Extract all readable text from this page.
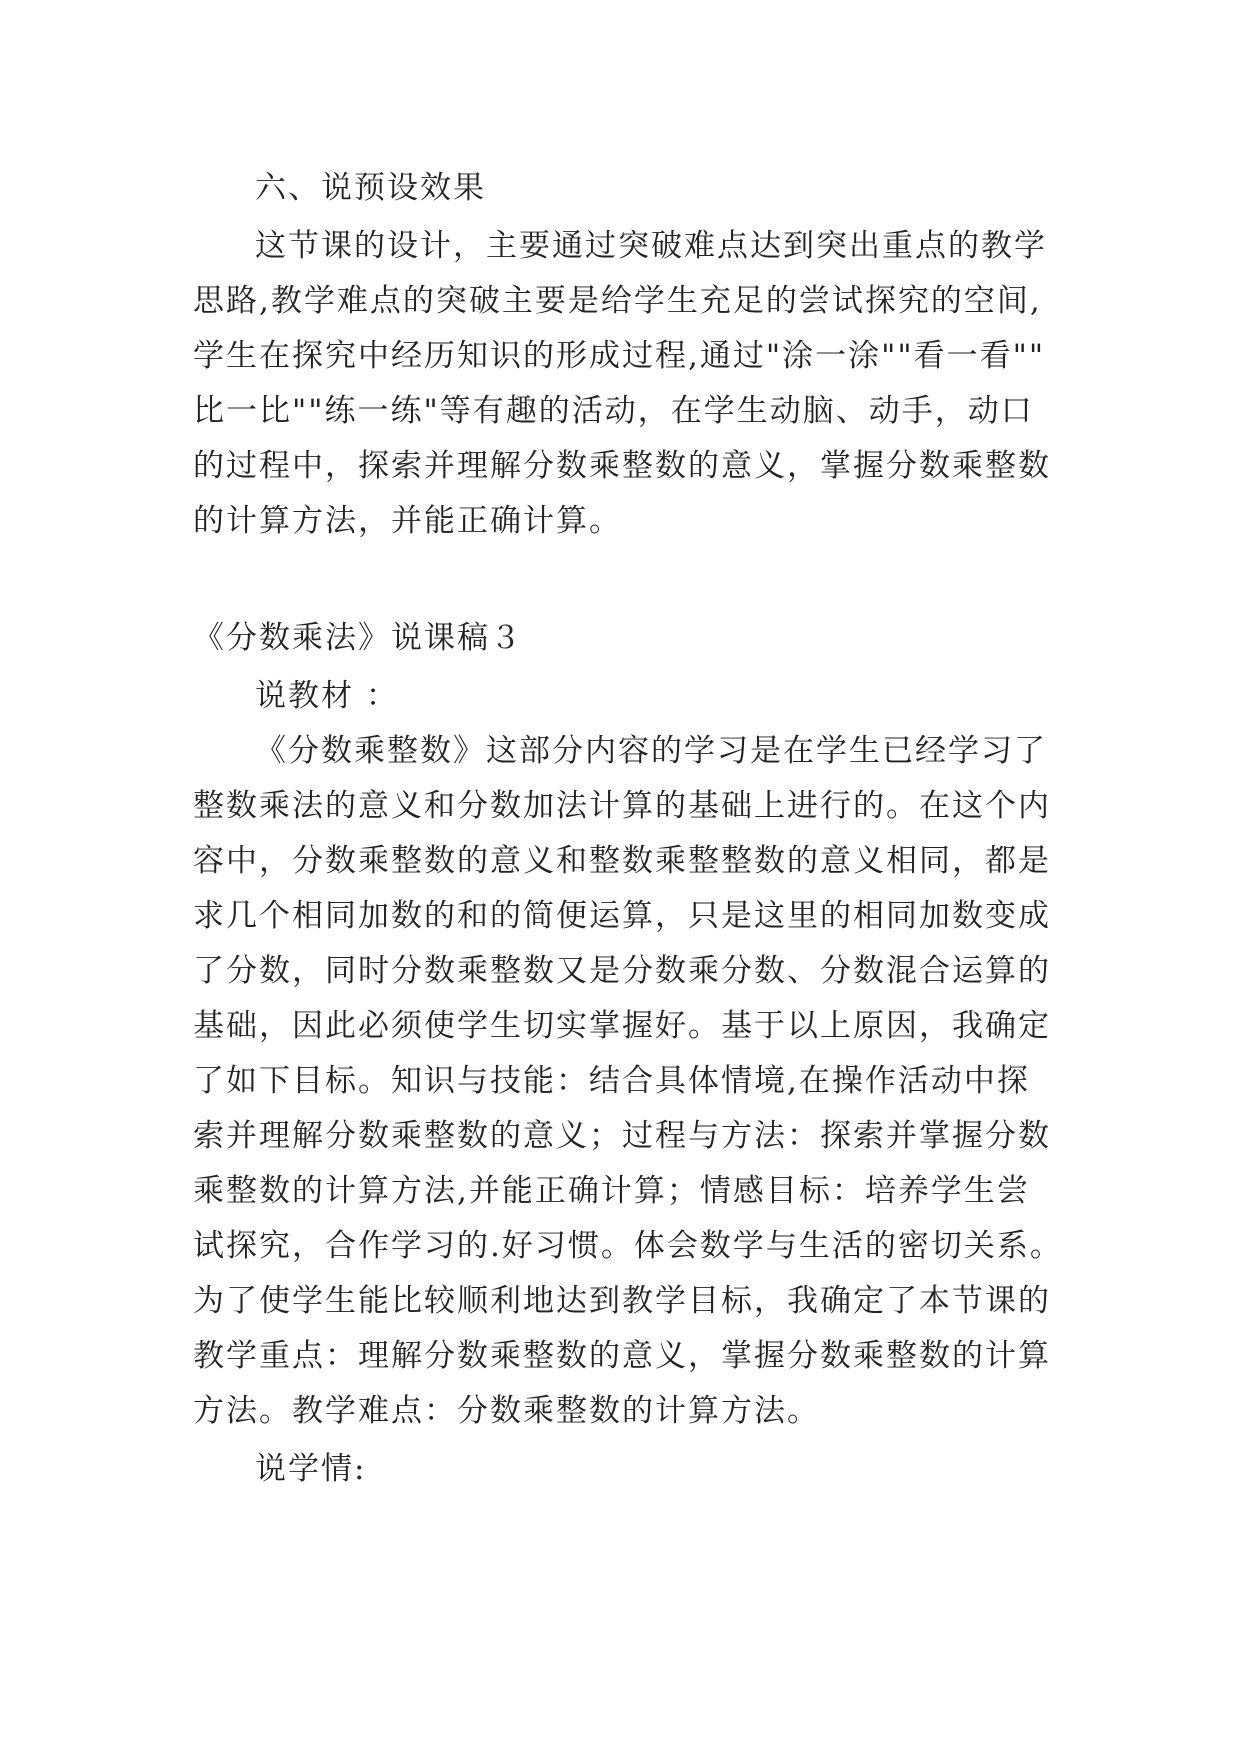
六、说预设效果
这节课的设计，主要通过突破难点达到突出重点的教学
思路,教学难点的突破主要是给学生充足的尝试探究的空间,
学生在探究中经历知识的形成过程,通过"涂一涂""看一看""
比一比""练一练"等有趣的活动，在学生动脑、动手，动口
的过程中，探索并理解分数乘整数的意义，掌握分数乘整数
的计算方法，并能正确计算。
《分数乘法》说课稿３
说教材 ：
《分数乘整数》这部分内容的学习是在学生已经学习了
整数乘法的意义和分数加法计算的基础上进行的。在这个内
容中，分数乘整数的意义和整数乘整整数的意义相同，都是
求几个相同加数的和的简便运算，只是这里的相同加数变成
了分数，同时分数乘整数又是分数乘分数、分数混合运算的
基础，因此必须使学生切实掌握好。基于以上原因，我确定
了如下目标。知识与技能：结合具体情境,在操作活动中探
索并理解分数乘整数的意义；过程与方法：探索并掌握分数
乘整数的计算方法,并能正确计算；情感目标：培养学生尝
试探究，合作学习的.好习惯。体会数学与生活的密切关系。
为了使学生能比较顺利地达到教学目标，我确定了本节课的
教学重点：理解分数乘整数的意义，掌握分数乘整数的计算
方法。教学难点：分数乘整数的计算方法。
说学情:
